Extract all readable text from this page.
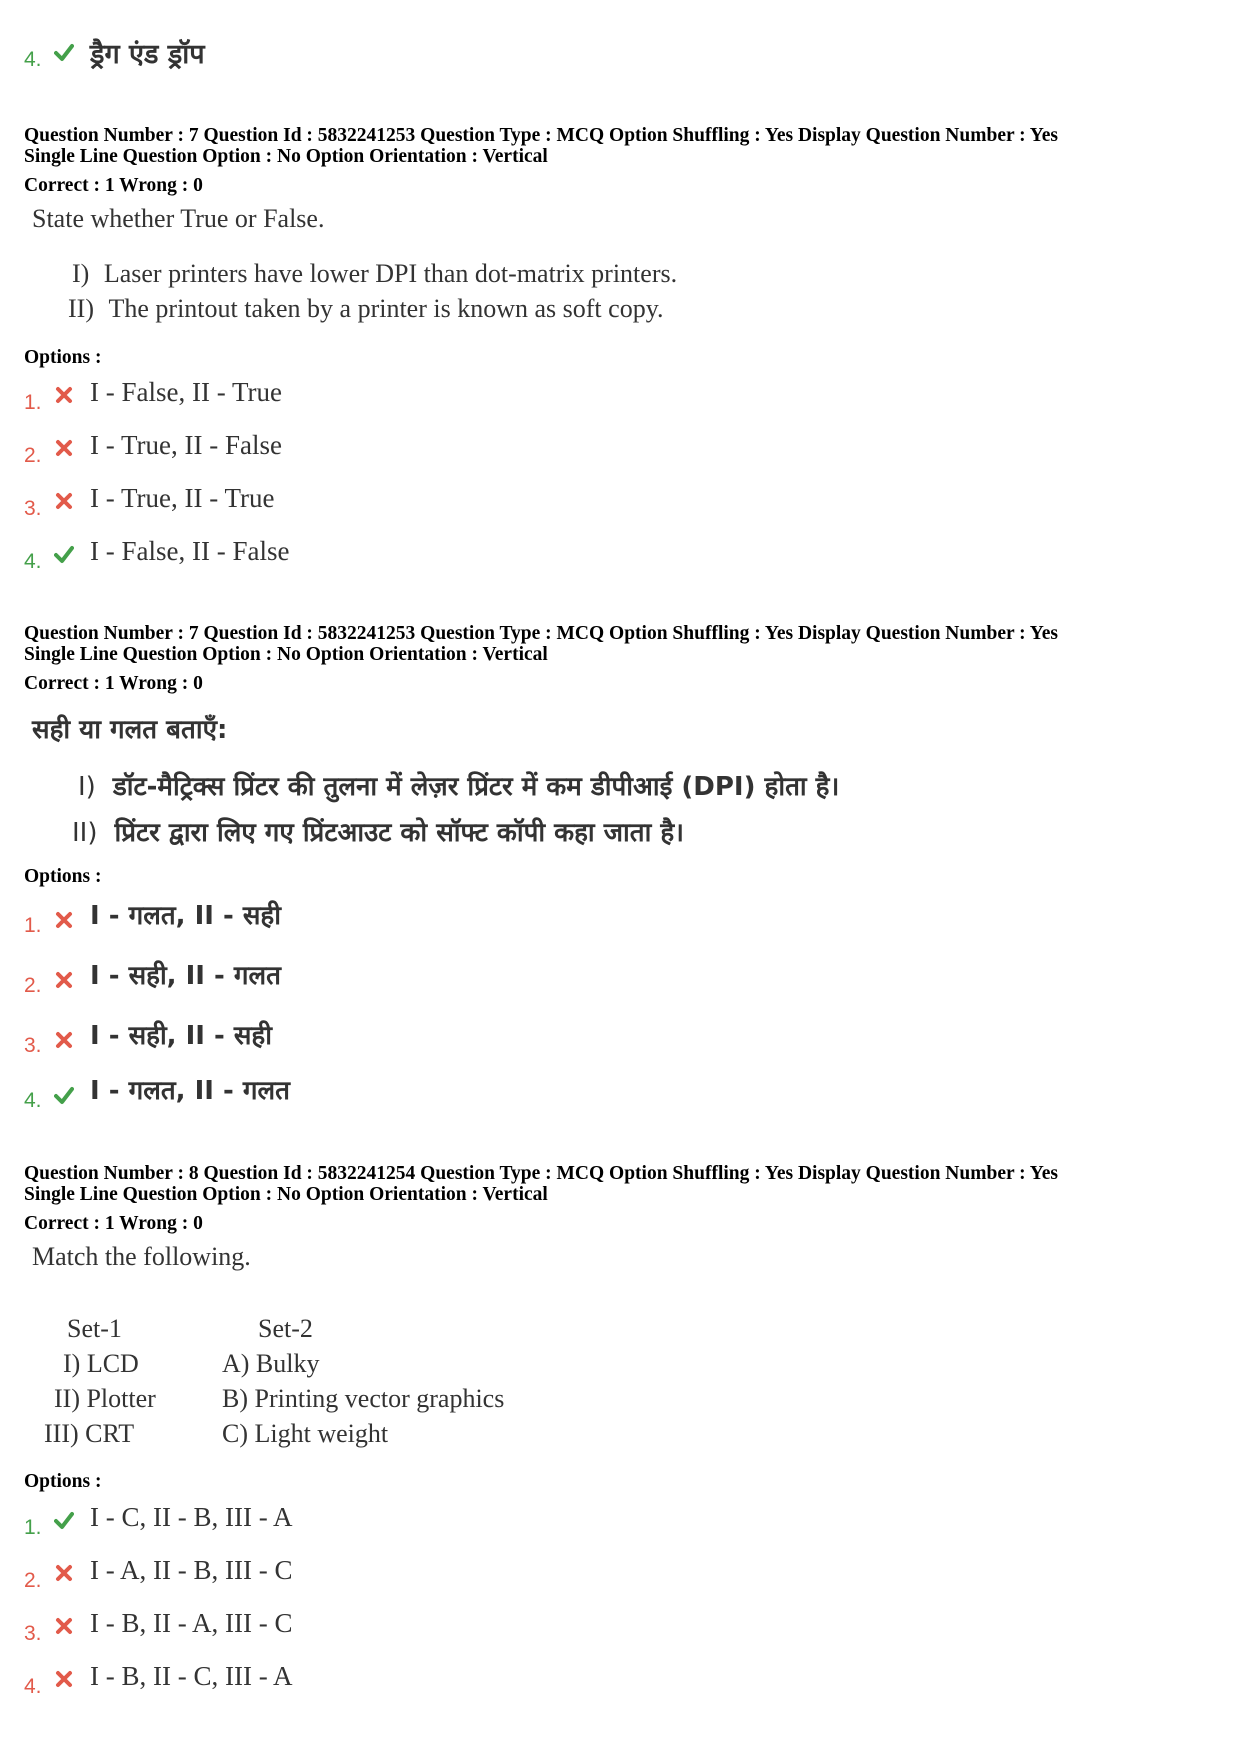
4. ड्रैग एंड ड्रॉप
Question Number : 7 Question Id : 5832241253 Question Type : MCQ Option Shuffling : Yes Display Question Number : Yes
Single Line Question Option : No Option Orientation : Vertical
Correct : 1 Wrong : 0
State whether True or False.
I) Laser printers have lower DPI than dot-matrix printers.
II) The printout taken by a printer is known as soft copy.
Options :
1. I - False, II - True
2. I - True, II - False
3. I - True, II - True
4. I - False, II - False
Question Number : 7 Question Id : 5832241253 Question Type : MCQ Option Shuffling : Yes Display Question Number : Yes
Single Line Question Option : No Option Orientation : Vertical
Correct : 1 Wrong : 0
सही या गलत बताएँ:
I) डॉट-मैट्रिक्स प्रिंटर की तुलना में लेज़र प्रिंटर में कम डीपीआई (DPI) होता है।
II) प्रिंटर द्वारा लिए गए प्रिंटआउट को सॉफ्ट कॉपी कहा जाता है।
Options :
1. I - गलत, II - सही
2. I - सही, II - गलत
3. I - सही, II - सही
4. I - गलत, II - गलत
Question Number : 8 Question Id : 5832241254 Question Type : MCQ Option Shuffling : Yes Display Question Number : Yes
Single Line Question Option : No Option Orientation : Vertical
Correct : 1 Wrong : 0
Match the following.
Set-1	Set-2
I) LCD
II) Plotter
III) CRT
A) Bulky
B) Printing vector graphics
C) Light weight
Options :
1. I - C, II - B, III - A
2. I - A, II - B, III - C
3. I - B, II - A, III - C
4. I - B, II - C, III - A
